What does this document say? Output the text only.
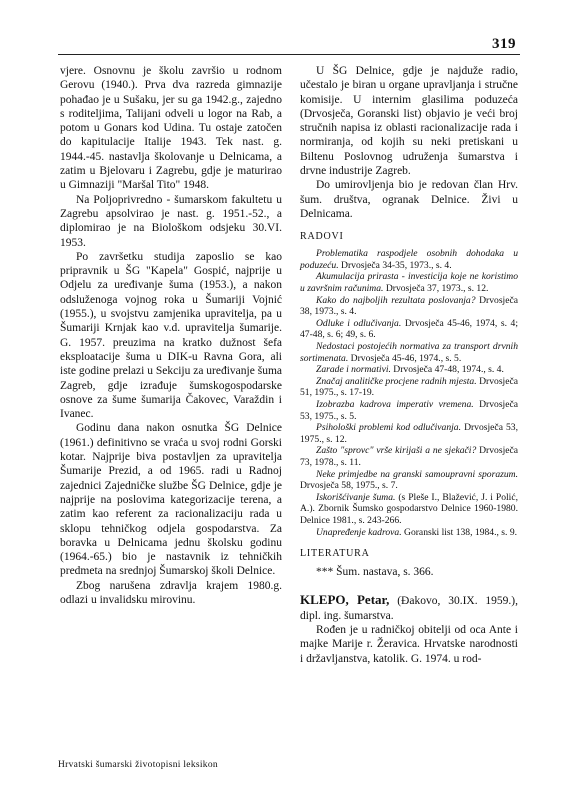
319

vjere. Osnovnu je školu završio u rodnom Gerovu (1940.). Prva dva razreda gimnazije pohađao je u Sušaku, jer su ga 1942.g., zajedno s roditeljima, Talijani odveli u logor na Rab, a potom u Gonars kod Udina. Tu ostaje zatočen do kapitulacije Italije 1943. Tek nast. g. 1944.-45. nastavlja školovanje u Delnicama, a zatim u Bjelovaru i Zagrebu, gdje je maturirao u Gimnaziji "Maršal Tito" 1948.

Na Poljoprivredno - šumarskom fakultetu u Zagrebu apsolvirao je nast. g. 1951.-52., a diplomirao je na Biološkom odsjeku 30.VI. 1953.

Po završetku studija zaposlio se kao pripravnik u ŠG "Kapela" Gospić, najprije u Odjelu za uređivanje šuma (1953.), a nakon odsluženoga vojnog roka u Šumariji Vojnić (1955.), u svojstvu zamjenika upravitelja, pa u Šumariji Krnjak kao v.d. upravitelja šumarije. G. 1957. preuzima na kratko dužnost šefa eksploatacije šuma u DIK-u Ravna Gora, ali iste godine prelazi u Sekciju za uređivanje šuma Zagreb, gdje izrađuje šumskogospodarske osnove za šume šumarija Čakovec, Varaždin i Ivanec.

Godinu dana nakon osnutka ŠG Delnice (1961.) definitivno se vraća u svoj rodni Gorski kotar. Najprije biva postavljen za upravitelja Šumarije Prezid, a od 1965. radi u Radnoj zajednici Zajedničke službe ŠG Delnice, gdje je najprije na poslovima kategorizacije terena, a zatim kao referent za racionalizaciju rada u sklopu tehničkog odjela gospodarstva. Za boravka u Delnicama jednu školsku godinu (1964.-65.) bio je nastavnik iz tehničkih predmeta na srednjoj Šumarskoj školi Delnice.

Zbog narušena zdravlja krajem 1980.g. odlazi u invalidsku mirovinu.

U ŠG Delnice, gdje je najduže radio, učestalo je biran u organe upravljanja i stručne komisije. U internim glasilima poduzeća (Drvosječa, Goranski list) objavio je veći broj stručnih napisa iz oblasti racionalizacije rada i normiranja, od kojih su neki pretiskani u Biltenu Poslovnog udruženja šumarstva i drvne industrije Zagreb.

Do umirovljenja bio je redovan član Hrv. šum. društva, ogranak Delnice. Živi u Delnicama.

RADOVI
Problematika raspodjele osobnih dohodaka u poduzeću. Drvosječa 34-35, 1973., s. 4.
Akumulacija prirasta - investicija koje ne koristimo u završnim računima. Drvosječa 37, 1973., s. 12.
Kako do najboljih rezultata poslovanja? Drvosječa 38, 1973., s. 4.
Odluke i odlučivanja. Drvosječa 45-46, 1974, s. 4; 47-48, s. 6; 49, s. 6.
Nedostaci postojećih normativa za transport drvnih sortimenata. Drvosječa 45-46, 1974., s. 5.
Zarade i normativi. Drvosječa 47-48, 1974., s. 4.
Značaj analitičke procjene radnih mjesta. Drvosječa 51, 1975., s. 17-19.
Izobrazba kadrova imperativ vremena. Drvosječa 53, 1975., s. 5.
Psihološki problemi kod odlučivanja. Drvosječa 53, 1975., s. 12.
Zašto "sprovc" vrše kirijaši a ne sjekači? Drvosječa 73, 1978., s. 11.
Neke primjedbe na granski samoupravni sporazum. Drvosječa 58, 1975., s. 7.
Iskorišćivanje šuma. (s Pleše I., Blažević, J. i Polić, A.). Zbornik Šumsko gospodarstvo Delnice 1960-1980. Delnice 1981., s. 243-266.
Unapređenje kadrova. Goranski list 138, 1984., s. 9.
LITERATURA

*** Šum. nastava, s. 366.

KLEPO, Petar, (Đakovo, 30.IX. 1959.), dipl. ing. šumarstva.

Rođen je u radničkoj obitelji od oca Ante i majke Marije r. Žeravica. Hrvatske narodnosti i državljanstva, katolik. G. 1974. u rod-

Hrvatski šumarski životopisni leksikon
